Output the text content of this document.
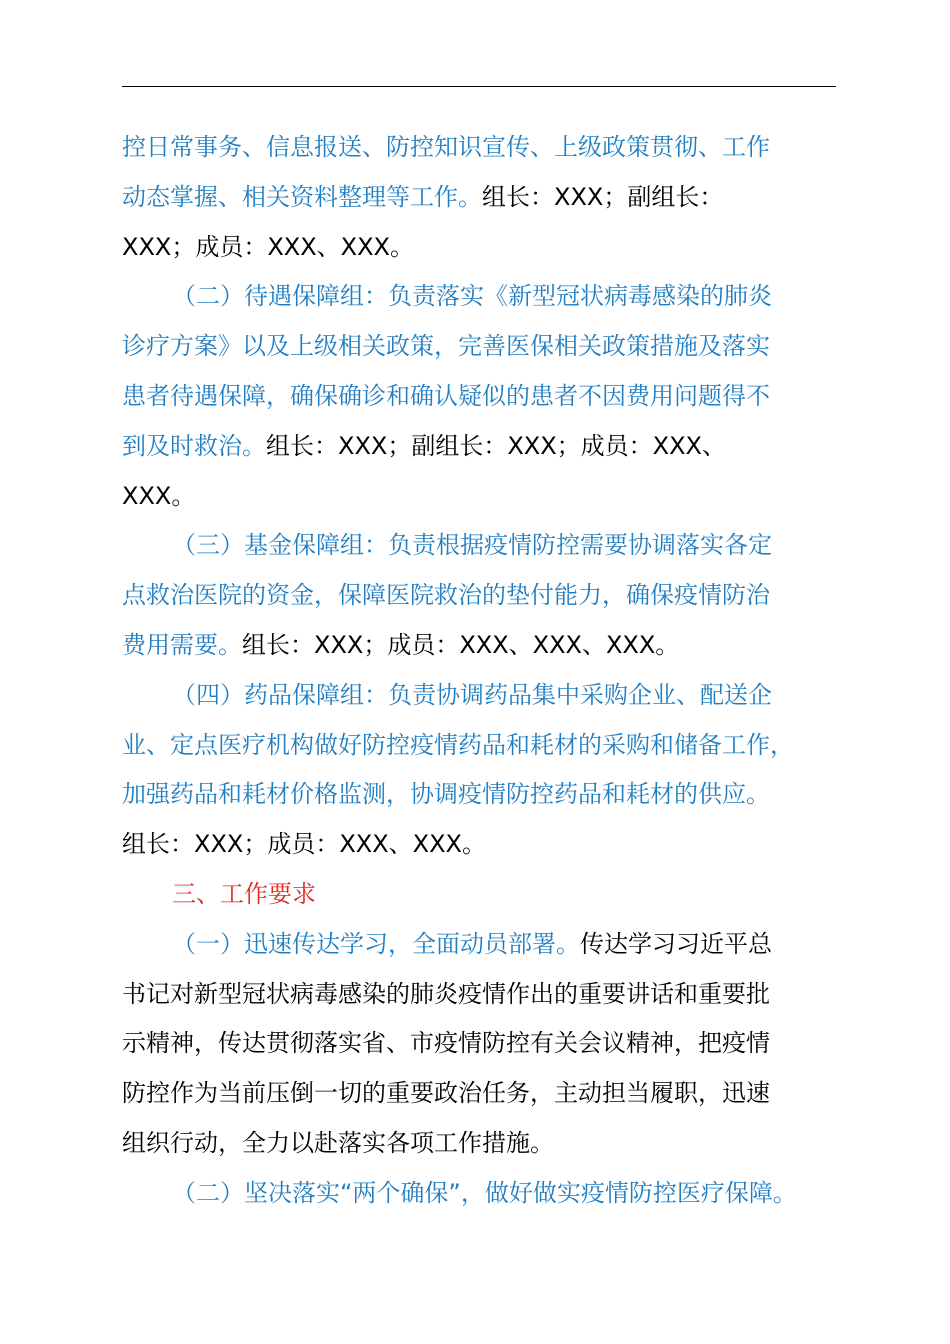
控日常事务、信息报送、防控知识宣传、上级政策贯彻、工作
动态掌握、相关资料整理等工作。组长：XXX；副组长：
XXX；成员：XXX、XXX。
（二）待遇保障组：负责落实《新型冠状病毒感染的肺炎
诊疗方案》以及上级相关政策，完善医保相关政策措施及落实
患者待遇保障，确保确诊和确认疑似的患者不因费用问题得不
到及时救治。组长：XXX；副组长：XXX；成员：XXX、
XXX。
（三）基金保障组：负责根据疫情防控需要协调落实各定
点救治医院的资金，保障医院救治的垫付能力，确保疫情防治
费用需要。组长：XXX；成员：XXX、XXX、XXX。
（四）药品保障组：负责协调药品集中采购企业、配送企
业、定点医疗机构做好防控疫情药品和耗材的采购和储备工作，
加强药品和耗材价格监测，协调疫情防控药品和耗材的供应。
组长：XXX；成员：XXX、XXX。
三、工作要求
（一）迅速传达学习，全面动员部署。传达学习习近平总
书记对新型冠状病毒感染的肺炎疫情作出的重要讲话和重要批
示精神，传达贯彻落实省、市疫情防控有关会议精神，把疫情
防控作为当前压倒一切的重要政治任务，主动担当履职，迅速
组织行动，全力以赴落实各项工作措施。
（二）坚决落实“两个确保”，做好做实疫情防控医疗保障。
